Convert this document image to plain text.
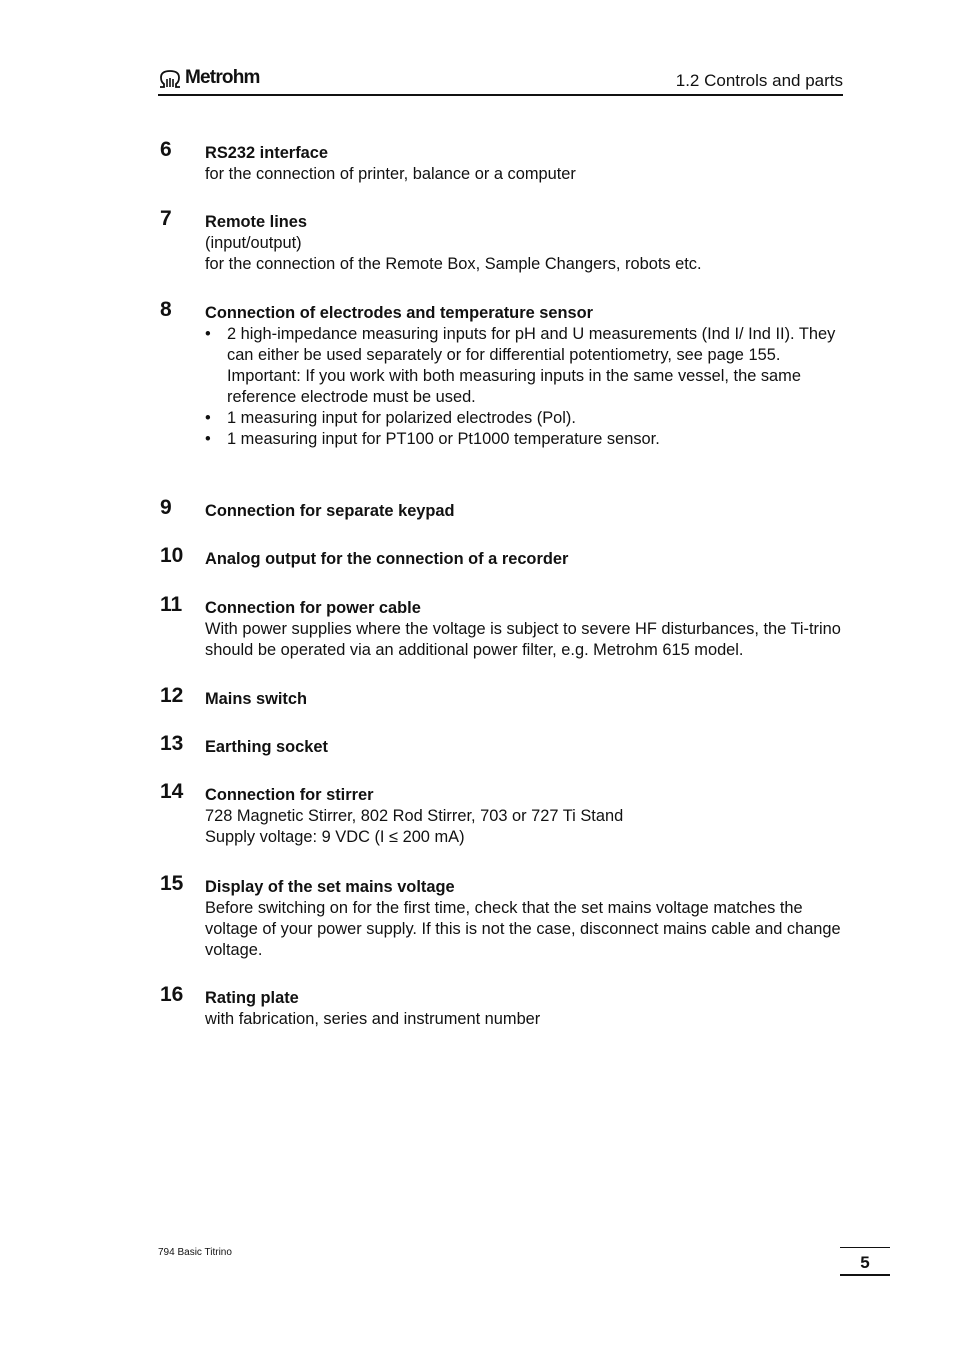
Metrohm	1.2 Controls and parts
6 RS232 interface
for the connection of printer, balance or a computer
7 Remote lines
(input/output)
for the connection of the Remote Box, Sample Changers, robots etc.
8 Connection of electrodes and temperature sensor
• 2 high-impedance measuring inputs for pH and U measurements (Ind I/ Ind II). They can either be used separately or for differential potentiometry, see page 155.
Important: If you work with both measuring inputs in the same vessel, the same reference electrode must be used.
• 1 measuring input for polarized electrodes (Pol).
• 1 measuring input for PT100 or Pt1000 temperature sensor.
9 Connection for separate keypad
10 Analog output for the connection of a recorder
11 Connection for power cable
With power supplies where the voltage is subject to severe HF disturbances, the Ti-trino should be operated via an additional power filter, e.g. Metrohm 615 model.
12 Mains switch
13 Earthing socket
14 Connection for stirrer
728 Magnetic Stirrer, 802 Rod Stirrer, 703 or 727 Ti Stand
Supply voltage: 9 VDC (I ≤ 200 mA)
15 Display of the set mains voltage
Before switching on for the first time, check that the set mains voltage matches the voltage of your power supply. If this is not the case, disconnect mains cable and change voltage.
16 Rating plate
with fabrication, series and instrument number
794 Basic Titrino
5
